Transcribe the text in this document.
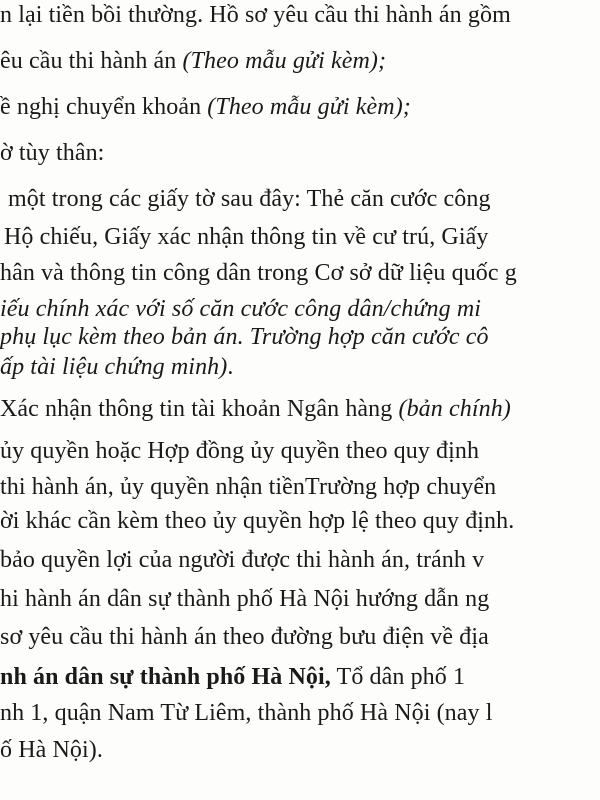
n lại tiền bồi thường. Hồ sơ yêu cầu thi hành án gồm
êu cầu thi hành án (Theo mẫu gửi kèm);
ề nghị chuyển khoản (Theo mẫu gửi kèm);
ờ tùy thân:
một trong các giấy tờ sau đây: Thẻ căn cước công
Hộ chiếu, Giấy xác nhận thông tin về cư trú, Giấy
hân và thông tin công dân trong Cơ sở dữ liệu quốc g
iếu chính xác với số căn cước công dân/chứng mi
phụ lục kèm theo bản án. Trường hợp căn cước cô
ấp tài liệu chứng minh).
Xác nhận thông tin tài khoản Ngân hàng (bản chính)
ủy quyền hoặc Hợp đồng ủy quyền theo quy định
thi hành án, ủy quyền nhận tiềnTrường hợp chuyển
ời khác cần kèm theo ủy quyền hợp lệ theo quy định.
bảo quyền lợi của người được thi hành án, tránh v
hi hành án dân sự thành phố Hà Nội hướng dẫn ng
sơ yêu cầu thi hành án theo đường bưu điện về địa
nh án dân sự thành phố Hà Nội, Tổ dân phố 1
nh 1, quận Nam Từ Liêm, thành phố Hà Nội (nay l
ố Hà Nội).
